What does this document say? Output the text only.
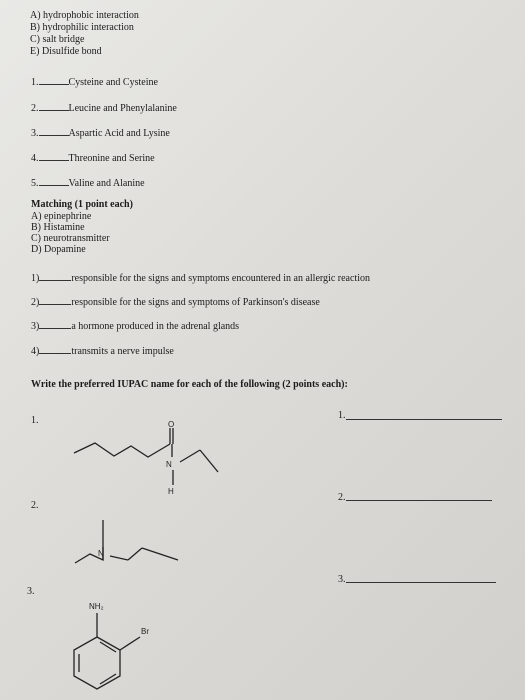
A) hydrophobic interaction
B) hydrophilic interaction
C) salt bridge
E) Disulfide bond
1.	Cysteine and Cysteine
2.	Leucine and Phenylalanine
3.	Aspartic Acid and Lysine
4.	Threonine and Serine
5.	Valine and Alanine
Matching (1 point each)
A) epinephrine
B) Histamine
C) neurotransmitter
D) Dopamine
1)	responsible for the signs and symptoms encountered in an allergic reaction
2)	responsible for the signs and symptoms of Parkinson's disease
3)	a hormone produced in the adrenal glands
4)	transmits a nerve impulse
Write the preferred IUPAC name for each of the following (2 points each):
1.
2.
3.
1.
2.
3.
O
N
H
N
NH₂
Br
